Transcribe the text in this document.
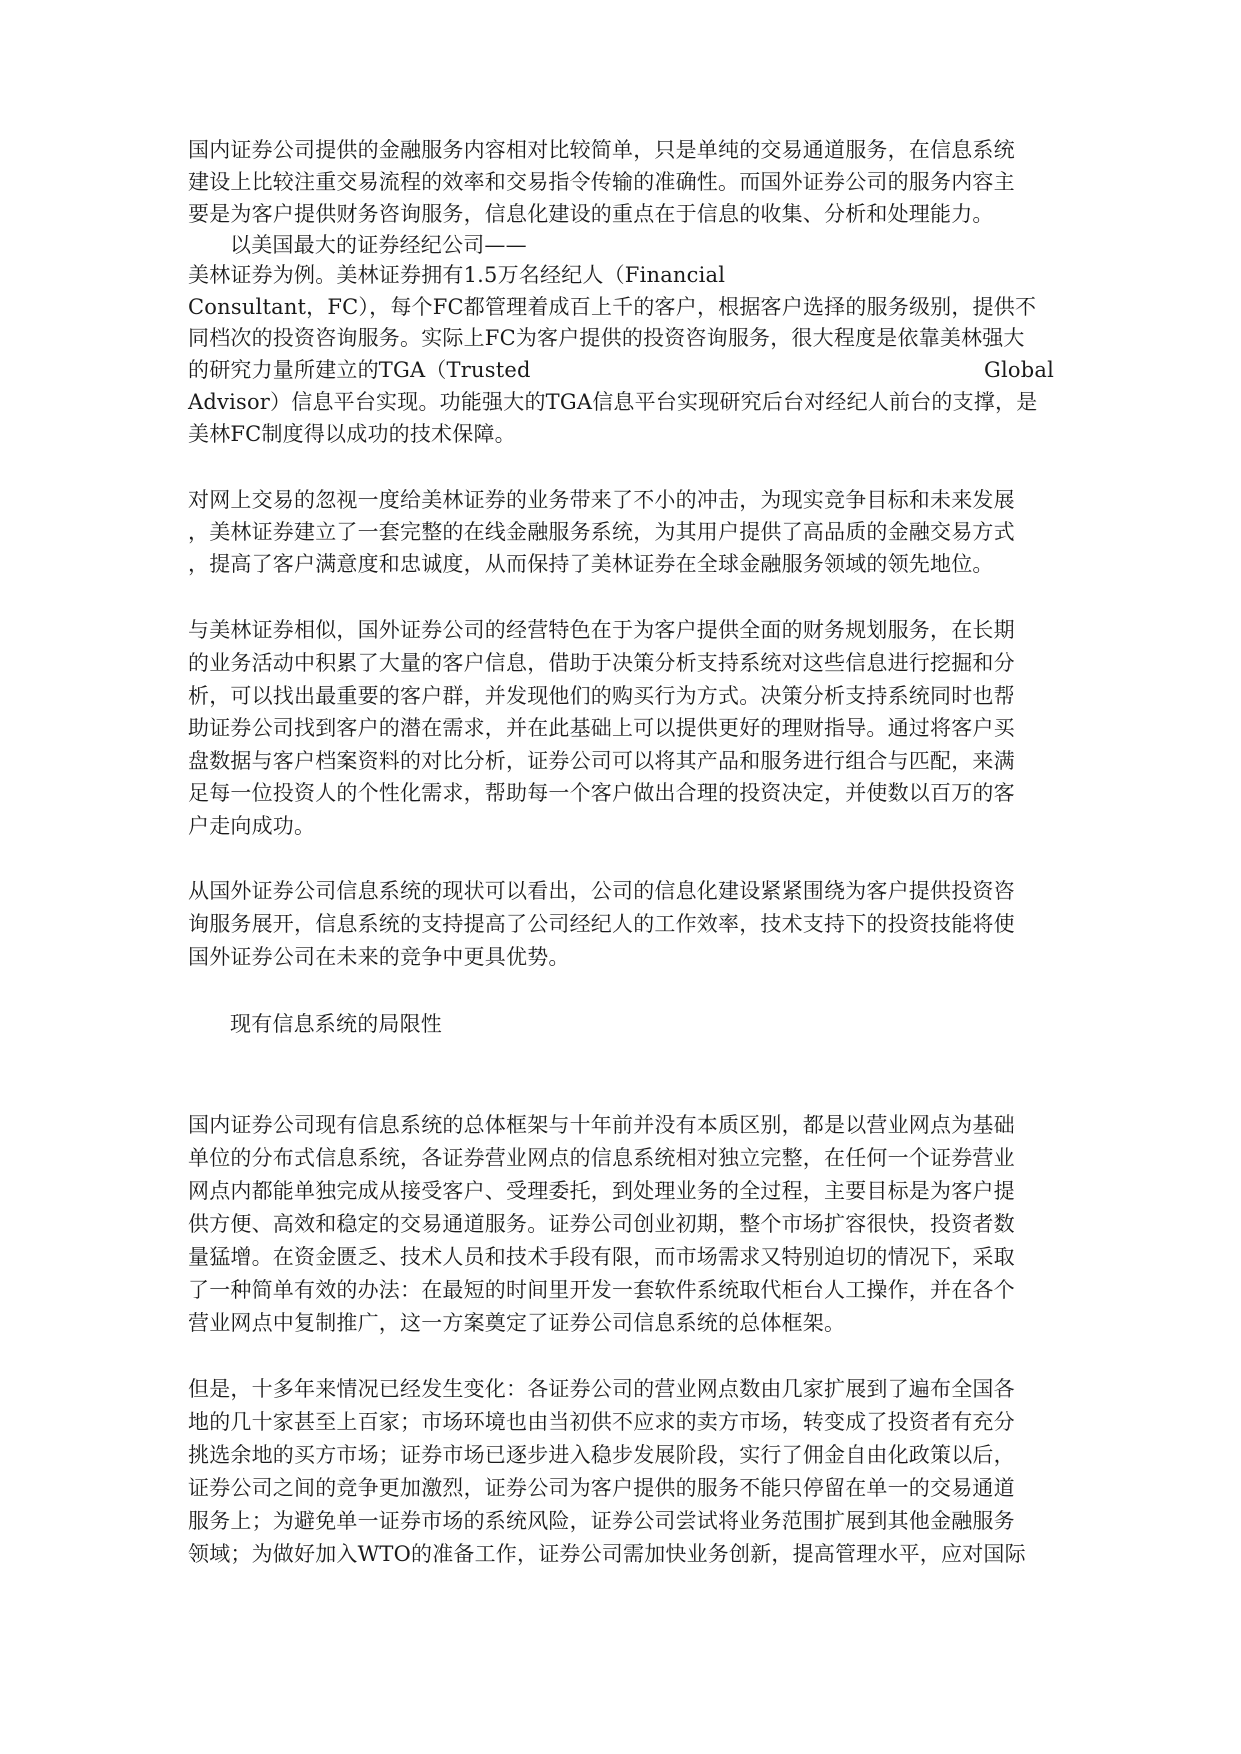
国内证券公司提供的金融服务内容相对比较简单，只是单纯的交易通道服务，在信息系统
建设上比较注重交易流程的效率和交易指令传输的准确性。而国外证券公司的服务内容主
要是为客户提供财务咨询服务，信息化建设的重点在于信息的收集、分析和处理能力。
以美国最大的证券经纪公司——
美林证券为例。美林证券拥有1.5万名经纪人（Financial
Consultant，FC），每个FC都管理着成百上千的客户，根据客户选择的服务级别，提供不
同档次的投资咨询服务。实际上FC为客户提供的投资咨询服务，很大程度是依靠美林强大
的研究力量所建立的TGA（Trusted	Global
Advisor）信息平台实现。功能强大的TGA信息平台实现研究后台对经纪人前台的支撑，是
美林FC制度得以成功的技术保障。
对网上交易的忽视一度给美林证券的业务带来了不小的冲击，为现实竞争目标和未来发展
，美林证券建立了一套完整的在线金融服务系统，为其用户提供了高品质的金融交易方式
，提高了客户满意度和忠诚度，从而保持了美林证券在全球金融服务领域的领先地位。
与美林证券相似，国外证券公司的经营特色在于为客户提供全面的财务规划服务，在长期
的业务活动中积累了大量的客户信息，借助于决策分析支持系统对这些信息进行挖掘和分
析，可以找出最重要的客户群，并发现他们的购买行为方式。决策分析支持系统同时也帮
助证券公司找到客户的潜在需求，并在此基础上可以提供更好的理财指导。通过将客户买
盘数据与客户档案资料的对比分析，证券公司可以将其产品和服务进行组合与匹配，来满
足每一位投资人的个性化需求，帮助每一个客户做出合理的投资决定，并使数以百万的客
户走向成功。
从国外证券公司信息系统的现状可以看出，公司的信息化建设紧紧围绕为客户提供投资咨
询服务展开，信息系统的支持提高了公司经纪人的工作效率，技术支持下的投资技能将使
国外证券公司在未来的竞争中更具优势。
现有信息系统的局限性
国内证券公司现有信息系统的总体框架与十年前并没有本质区别，都是以营业网点为基础
单位的分布式信息系统，各证券营业网点的信息系统相对独立完整，在任何一个证券营业
网点内都能单独完成从接受客户、受理委托，到处理业务的全过程，主要目标是为客户提
供方便、高效和稳定的交易通道服务。证券公司创业初期，整个市场扩容很快，投资者数
量猛增。在资金匮乏、技术人员和技术手段有限，而市场需求又特别迫切的情况下，采取
了一种简单有效的办法：在最短的时间里开发一套软件系统取代柜台人工操作，并在各个
营业网点中复制推广，这一方案奠定了证券公司信息系统的总体框架。
但是，十多年来情况已经发生变化：各证券公司的营业网点数由几家扩展到了遍布全国各
地的几十家甚至上百家；市场环境也由当初供不应求的卖方市场，转变成了投资者有充分
挑选余地的买方市场；证券市场已逐步进入稳步发展阶段，实行了佣金自由化政策以后，
证券公司之间的竞争更加激烈，证券公司为客户提供的服务不能只停留在单一的交易通道
服务上；为避免单一证券市场的系统风险，证券公司尝试将业务范围扩展到其他金融服务
领域；为做好加入WTO的准备工作，证券公司需加快业务创新，提高管理水平，应对国际
